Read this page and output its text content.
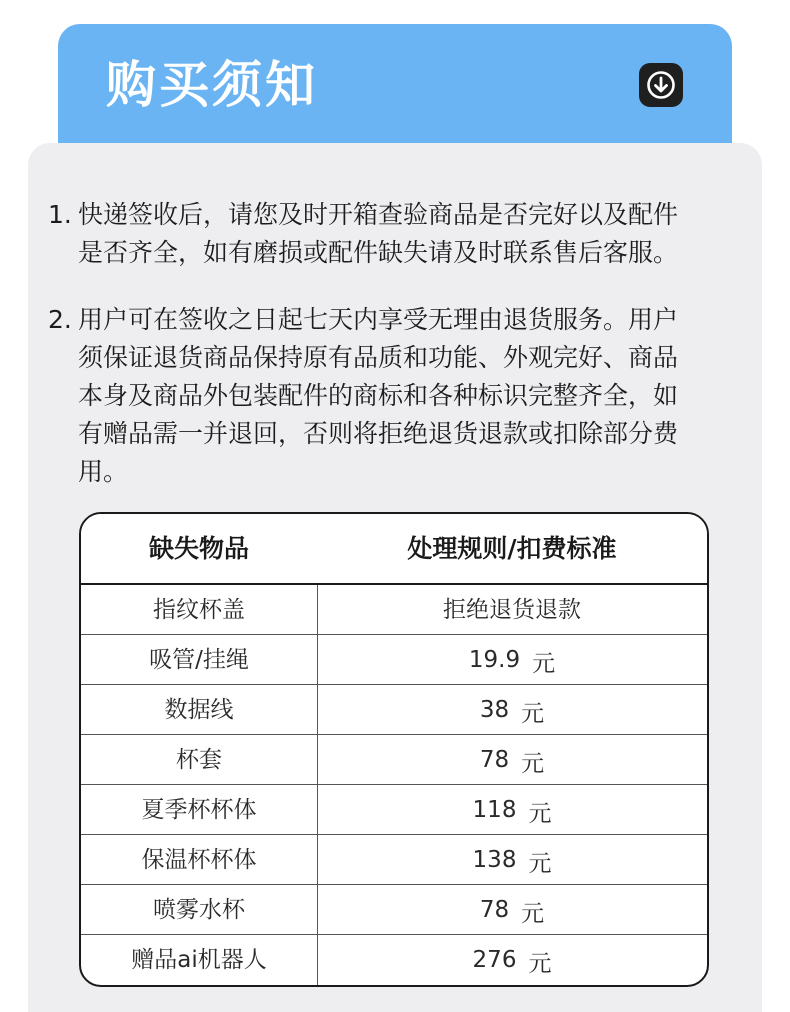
购买须知
1. 快递签收后，请您及时开箱查验商品是否完好以及配件
是否齐全，如有磨损或配件缺失请及时联系售后客服。
2. 用户可在签收之日起七天内享受无理由退货服务。用户
须保证退货商品保持原有品质和功能、外观完好、商品
本身及商品外包装配件的商标和各种标识完整齐全，如
有赠品需一并退回，否则将拒绝退货退款或扣除部分费
用。
缺失物品	处理规则/扣费标准
指纹杯盖	拒绝退货退款
吸管/挂绳	19.9 元
数据线	38 元
杯套	78 元
夏季杯杯体	118 元
保温杯杯体	138 元
喷雾水杯	78 元
赠品ai机器人	276 元
